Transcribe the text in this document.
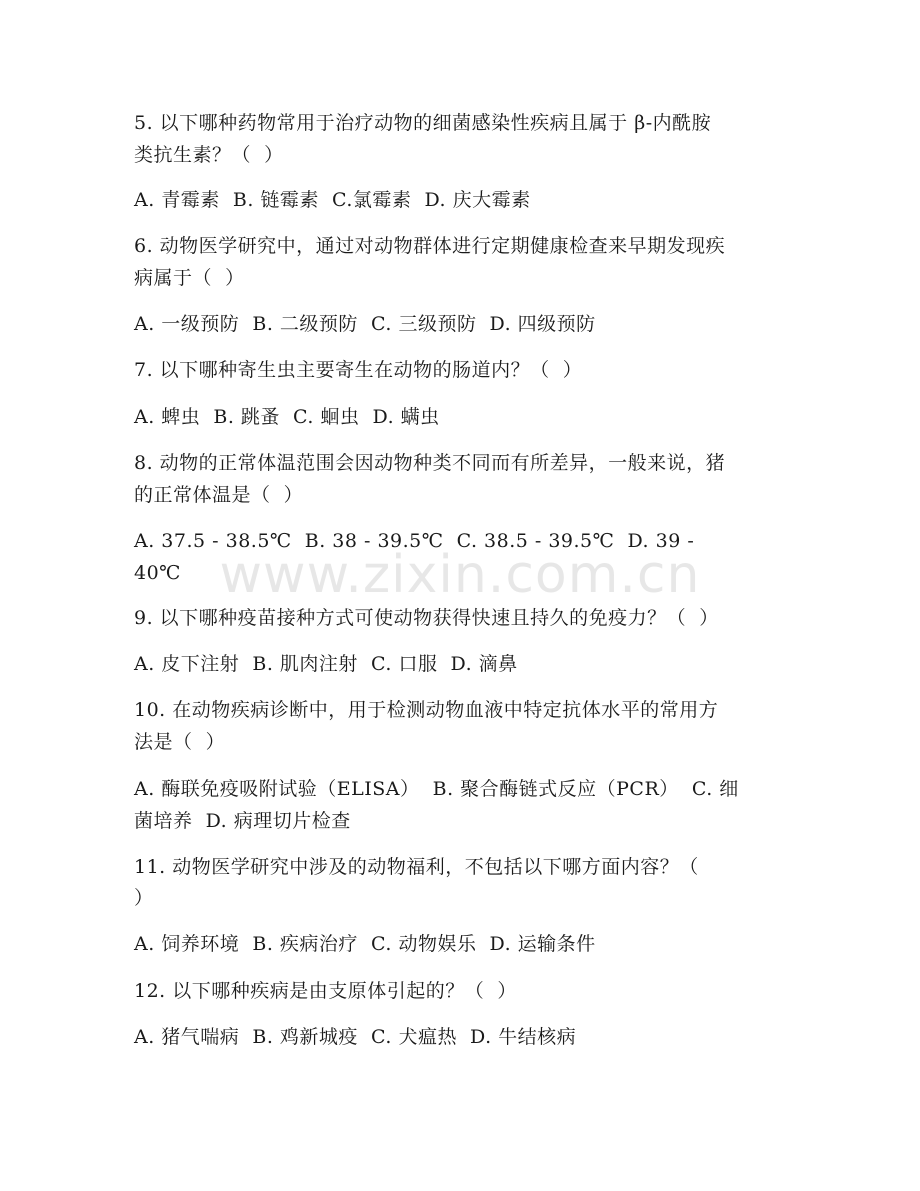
5. 以下哪种药物常用于治疗动物的细菌感染性疾病且属于 β-内酰胺
类抗生素？（  ）
A. 青霉素  B. 链霉素  C.氯霉素  D. 庆大霉素
6. 动物医学研究中，通过对动物群体进行定期健康检查来早期发现疾
病属于（  ）
A. 一级预防  B. 二级预防  C. 三级预防  D. 四级预防
7. 以下哪种寄生虫主要寄生在动物的肠道内？（  ）
A. 蜱虫  B. 跳蚤  C. 蛔虫  D. 螨虫
8. 动物的正常体温范围会因动物种类不同而有所差异，一般来说，猪
的正常体温是（  ）
A. 37.5 - 38.5℃  B. 38 - 39.5℃  C. 38.5 - 39.5℃  D. 39 -
40℃
9. 以下哪种疫苗接种方式可使动物获得快速且持久的免疫力？（  ）
A. 皮下注射  B. 肌肉注射  C. 口服  D. 滴鼻
10. 在动物疾病诊断中，用于检测动物血液中特定抗体水平的常用方
法是（  ）
A. 酶联免疫吸附试验（ELISA）  B. 聚合酶链式反应（PCR）  C. 细
菌培养  D. 病理切片检查
11. 动物医学研究中涉及的动物福利，不包括以下哪方面内容？（
）
A. 饲养环境  B. 疾病治疗  C. 动物娱乐  D. 运输条件
12. 以下哪种疾病是由支原体引起的？（  ）
A. 猪气喘病  B. 鸡新城疫  C. 犬瘟热  D. 牛结核病
www.zixin.com.cn
